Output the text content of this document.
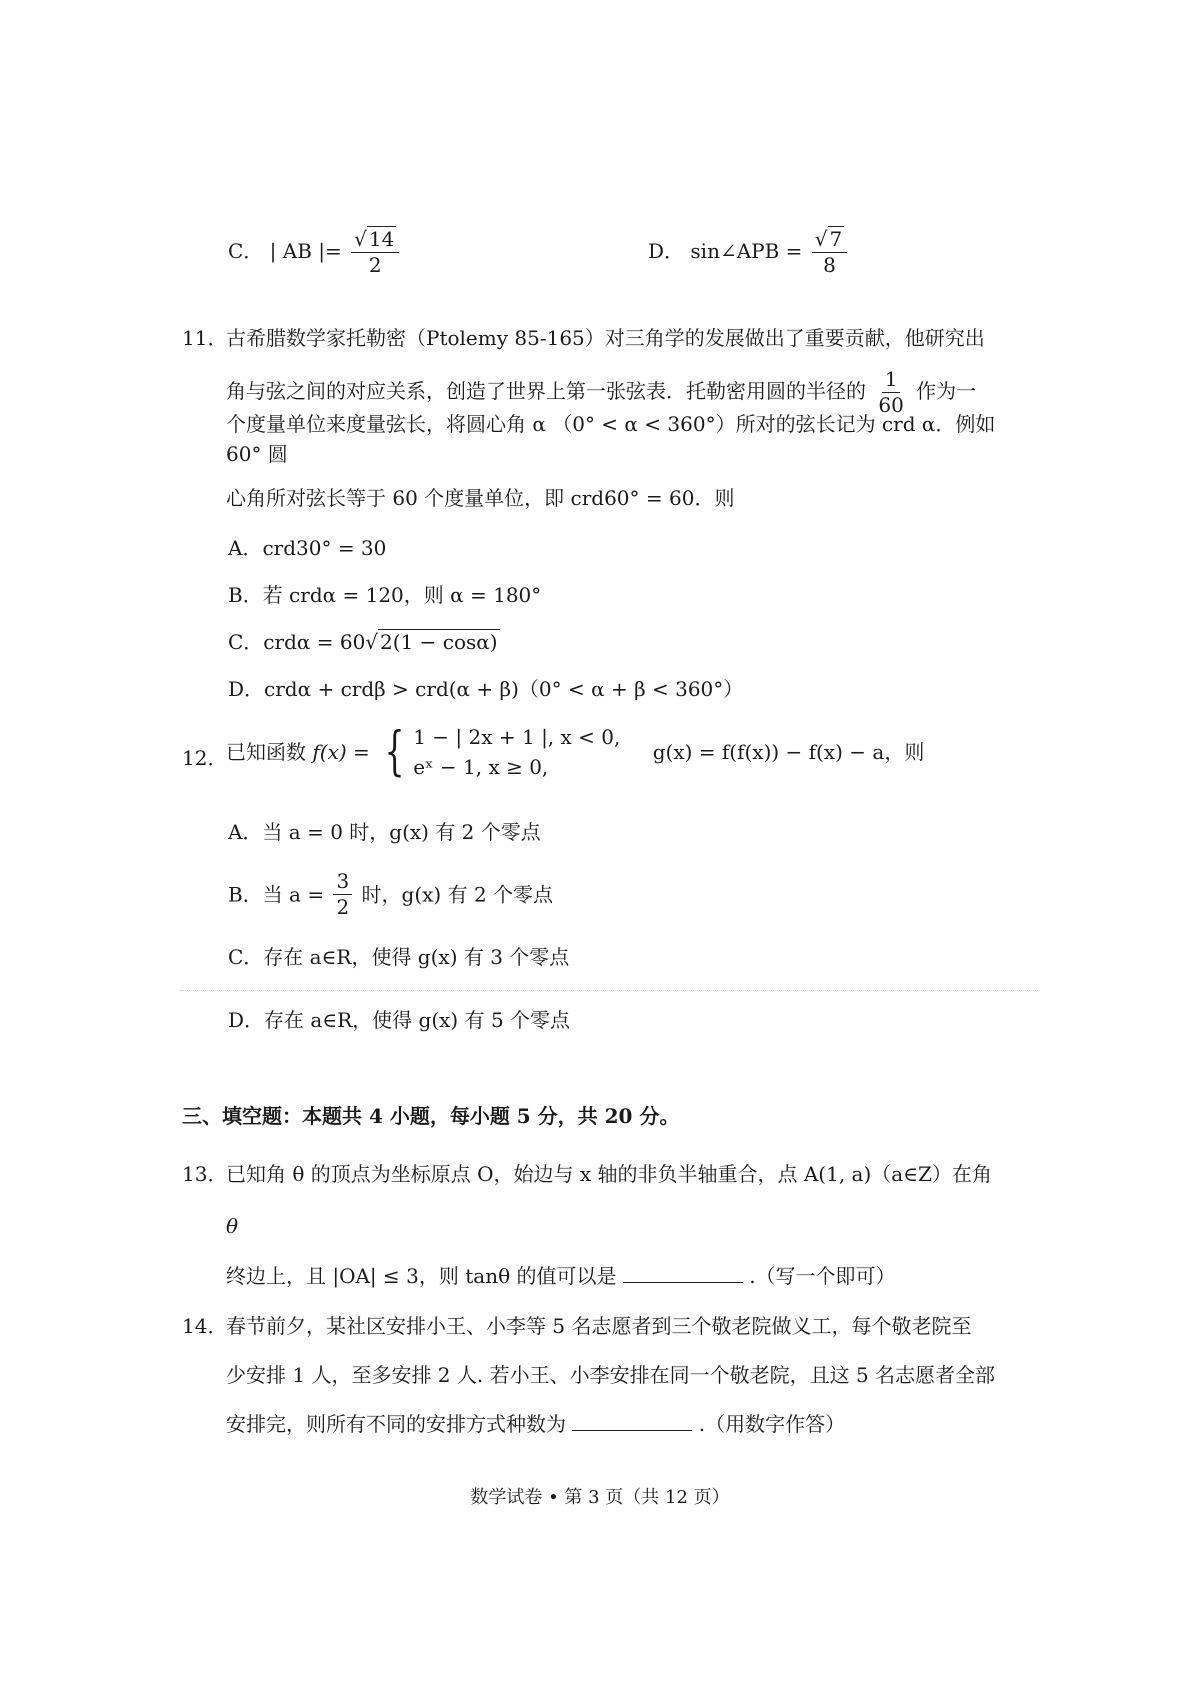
C． | AB |= $\frac{√ 14}{2}$	D． sin∠APB = $\frac{√ 7}{8}$
11．
古希腊数学家托勒密（Ptolemy 85-165）对三角学的发展做出了重要贡献，他研究出
角与弦之间的对应关系，创造了世界上第一张弦表．托勒密用圆的半径的 $\frac{1}{60}$ 作为一
个度量单位来度量弦长，将圆心角 α （0° < α < 360°）所对的弦长记为 crd α．例如
60° 圆
心角所对弦长等于 60 个度量单位，即 crd60° = 60．则
A．crd30° = 30
B．若 crdα = 120，则 α = 180°
C．crdα = 60√ 2(1 − cosα)
D．crdα + crdβ > crd(α + β)（0° < α + β < 360°）
12．
已知函数 f(x) = { 1 − | 2x + 1 |, x < 0,
eˣ − 1, x ≥ 0,
g(x) = f(f(x)) − f(x) − a，则
A．当 a = 0 时，g(x) 有 2 个零点
B．当 $a = \frac{3}{2}$ 时，g(x) 有 2 个零点
C．存在 a∈R，使得 g(x) 有 3 个零点
D．存在 a∈R，使得 g(x) 有 5 个零点
三、填空题：本题共 4 小题，每小题 5 分，共 20 分。
13．
已知角 θ 的顶点为坐标原点 O，始边与 x 轴的非负半轴重合，点 A(1, a)（a∈Z）在角
θ
终边上，且 |OA| ≤ 3，则 tanθ 的值可以是	.（写一个即可）
14．
春节前夕，某社区安排小王、小李等 5 名志愿者到三个敬老院做义工，每个敬老院至
少安排 1 人，至多安排 2 人. 若小王、小李安排在同一个敬老院，且这 5 名志愿者全部
安排完，则所有不同的安排方式种数为	.（用数字作答）
数学试卷 • 第 3 页（共 12 页）
